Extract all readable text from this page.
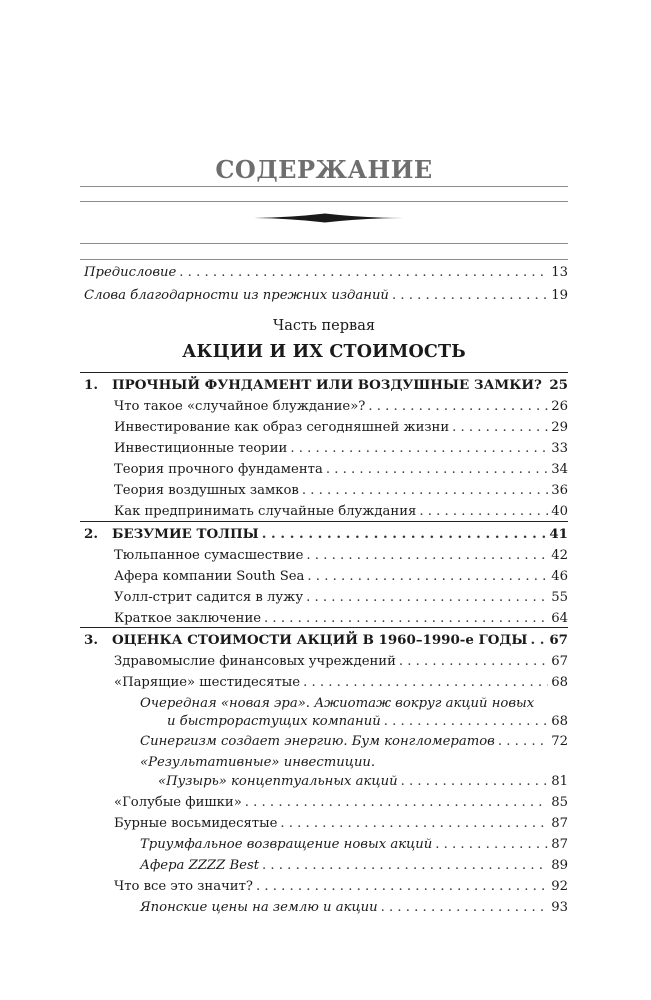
СОДЕРЖАНИЕ
Предисловие . . .	13
Слова благодарности из прежних изданий . . .	19
Часть первая
АКЦИИ И ИХ СТОИМОСТЬ
1.	ПРОЧНЫЙ ФУНДАМЕНТ ИЛИ ВОЗДУШНЫЕ ЗАМКИ? . . . 25
Что такое «случайное блуждание»? . . .	26
Инвестирование как образ сегодняшней жизни . . .	29
Инвестиционные теории . . .	33
Теория прочного фундамента . . .	34
Теория воздушных замков . . .	36
Как предпринимать случайные блуждания . . .	40
2.	БЕЗУМИЕ ТОЛПЫ . . .	41
Тюльпанное сумасшествие . . .	42
Афера компании South Sea . . .	46
Уолл-стрит садится в лужу . . .	55
Краткое заключение . . .	64
3.	ОЦЕНКА СТОИМОСТИ АКЦИЙ В 1960–1990-е ГОДЫ . . . 67
Здравомыслие финансовых учреждений . . .	67
«Парящие» шестидесятые . . .	68
Очередная «новая эра». Ажиотаж вокруг акций новых
и быстрорастущих компаний . . .	68
Синергизм создает энергию. Бум конгломератов . . .	72
«Результативные» инвестиции.
«Пузырь» концептуальных акций . . .	81
«Голубые фишки» . . .	85
Бурные восьмидесятые . . .	87
Триумфальное возвращение новых акций . . .	87
Афера ZZZZ Best . . .	89
Что все это значит? . . .	92
Японские цены на землю и акции . . .	93
